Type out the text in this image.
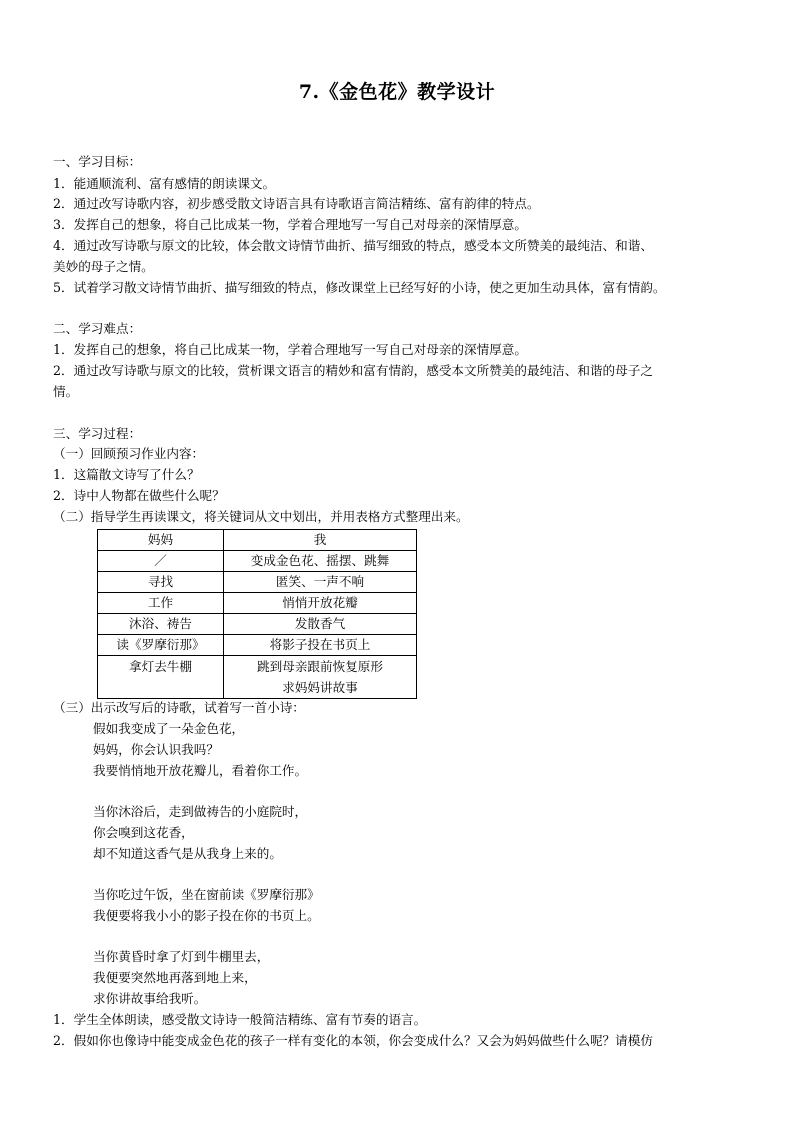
7.《金色花》教学设计
一、学习目标：
1．能通顺流利、富有感情的朗读课文。
2．通过改写诗歌内容，初步感受散文诗语言具有诗歌语言简洁精练、富有韵律的特点。
3．发挥自己的想象，将自己比成某一物，学着合理地写一写自己对母亲的深情厚意。
4．通过改写诗歌与原文的比较，体会散文诗情节曲折、描写细致的特点，感受本文所赞美的最纯洁、和谐、
美妙的母子之情。
5．试着学习散文诗情节曲折、描写细致的特点，修改课堂上已经写好的小诗，使之更加生动具体，富有情韵。
二、学习难点：
1．发挥自己的想象，将自己比成某一物，学着合理地写一写自己对母亲的深情厚意。
2．通过改写诗歌与原文的比较，赏析课文语言的精妙和富有情韵，感受本文所赞美的最纯洁、和谐的母子之
情。
三、学习过程：
（一）回顾预习作业内容：
1．这篇散文诗写了什么？
2．诗中人物都在做些什么呢？
（二）指导学生再读课文，将关键词从文中划出，并用表格方式整理出来。
妈妈	我
／	变成金色花、摇摆、跳舞
寻找	匿笑、一声不响
工作	悄悄开放花瓣
沐浴、祷告	发散香气
读《罗摩衍那》	将影子投在书页上
拿灯去牛棚	跳到母亲跟前恢复原形
求妈妈讲故事
（三）出示改写后的诗歌，试着写一首小诗：
假如我变成了一朵金色花，
妈妈，你会认识我吗？
我要悄悄地开放花瓣儿，看着你工作。
当你沐浴后，走到做祷告的小庭院时，
你会嗅到这花香，
却不知道这香气是从我身上来的。
当你吃过午饭，坐在窗前读《罗摩衍那》
我便要将我小小的影子投在你的书页上。
当你黄昏时拿了灯到牛棚里去，
我便要突然地再落到地上来，
求你讲故事给我听。
1．学生全体朗读，感受散文诗诗一般简洁精练、富有节奏的语言。
2．假如你也像诗中能变成金色花的孩子一样有变化的本领，你会变成什么？又会为妈妈做些什么呢？请模仿
